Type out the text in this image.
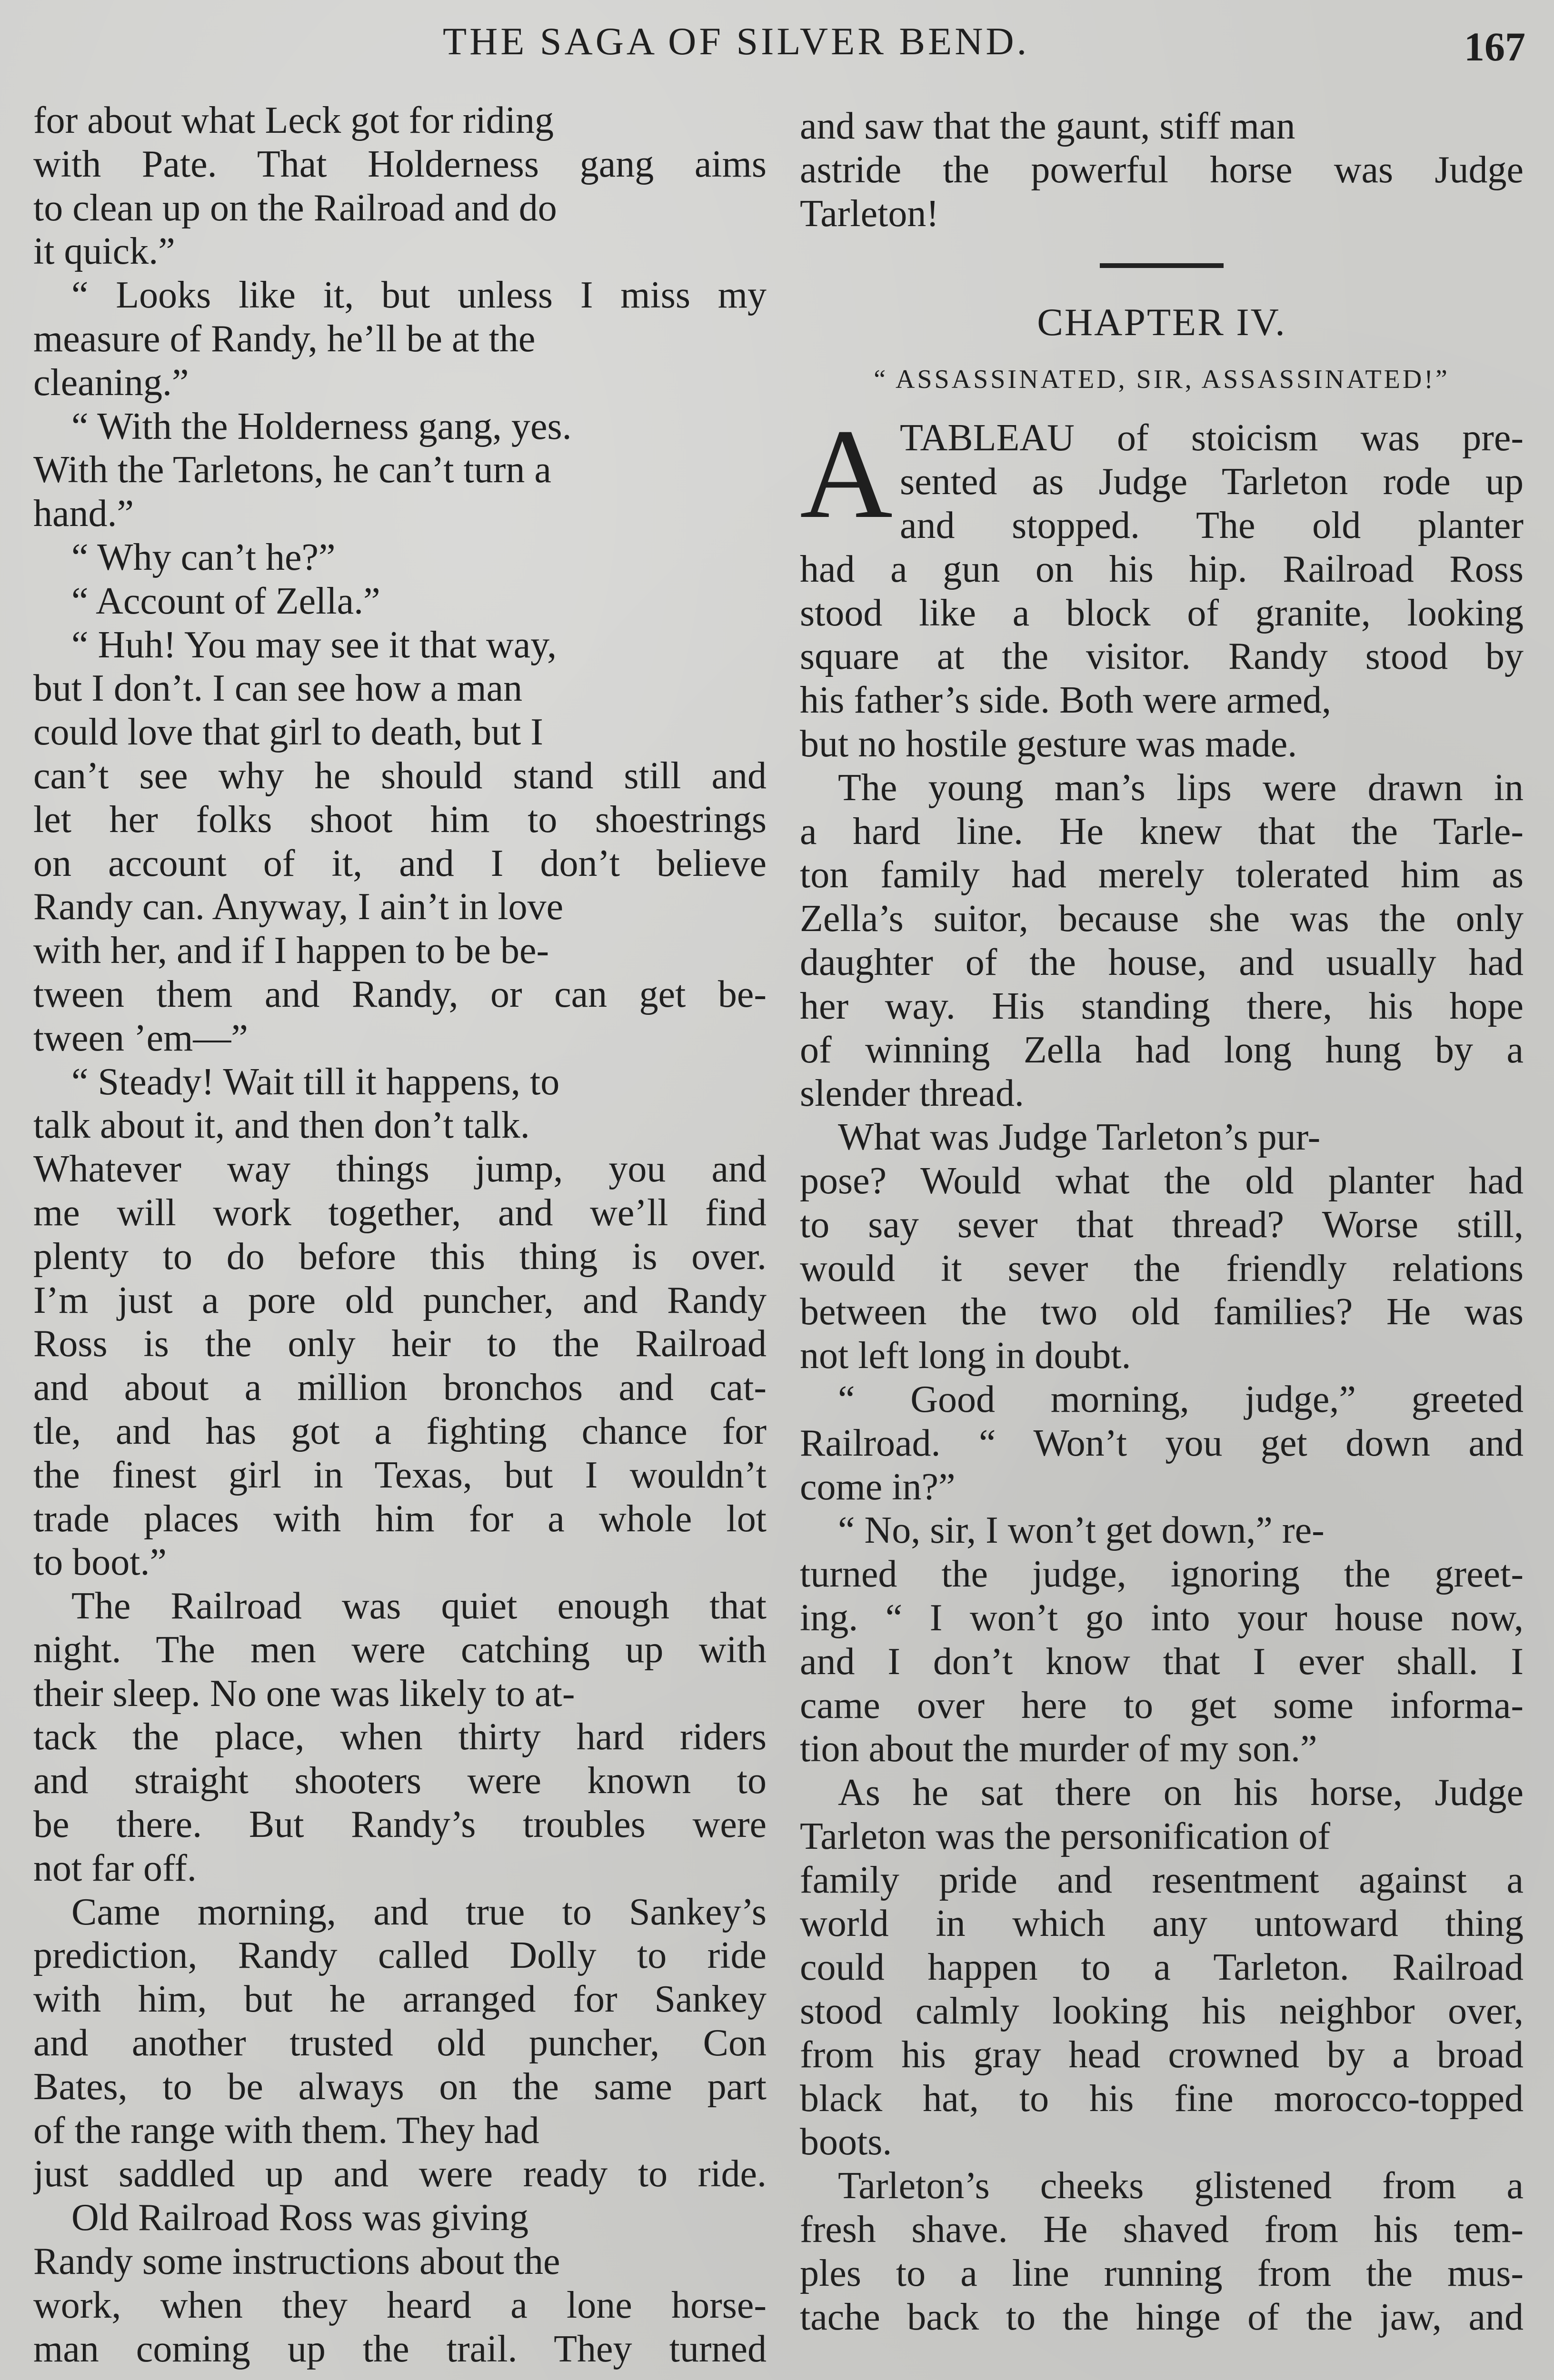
THE SAGA OF SILVER BEND.	167
for about what Leck got for riding
with Pate. That Holderness gang aims
to clean up on the Railroad and do
it quick.”
“ Looks like it, but unless I miss my
measure of Randy, he’ll be at the
cleaning.”
“ With the Holderness gang, yes.
With the Tarletons, he can’t turn a
hand.”
“ Why can’t he?”
“ Account of Zella.”
“ Huh! You may see it that way,
but I don’t. I can see how a man
could love that girl to death, but I
can’t see why he should stand still and
let her folks shoot him to shoestrings
on account of it, and I don’t believe
Randy can. Anyway, I ain’t in love
with her, and if I happen to be be-
tween them and Randy, or can get be-
tween ’em—”
“ Steady! Wait till it happens, to
talk about it, and then don’t talk.
Whatever way things jump, you and
me will work together, and we’ll find
plenty to do before this thing is over.
I’m just a pore old puncher, and Randy
Ross is the only heir to the Railroad
and about a million bronchos and cat-
tle, and has got a fighting chance for
the finest girl in Texas, but I wouldn’t
trade places with him for a whole lot
to boot.”
The Railroad was quiet enough that
night. The men were catching up with
their sleep. No one was likely to at-
tack the place, when thirty hard riders
and straight shooters were known to
be there. But Randy’s troubles were
not far off.
Came morning, and true to Sankey’s
prediction, Randy called Dolly to ride
with him, but he arranged for Sankey
and another trusted old puncher, Con
Bates, to be always on the same part
of the range with them. They had
just saddled up and were ready to ride.
Old Railroad Ross was giving
Randy some instructions about the
work, when they heard a lone horse-
man coming up the trail. They turned
and saw that the gaunt, stiff man
astride the powerful horse was Judge
Tarleton!
CHAPTER IV.
“ ASSASSINATED, SIR, ASSASSINATED!”
A TABLEAU of stoicism was pre-
sented as Judge Tarleton rode up
and stopped. The old planter
had a gun on his hip. Railroad Ross
stood like a block of granite, looking
square at the visitor. Randy stood by
his father’s side. Both were armed,
but no hostile gesture was made.
The young man’s lips were drawn in
a hard line. He knew that the Tarle-
ton family had merely tolerated him as
Zella’s suitor, because she was the only
daughter of the house, and usually had
her way. His standing there, his hope
of winning Zella had long hung by a
slender thread.
What was Judge Tarleton’s pur-
pose? Would what the old planter had
to say sever that thread? Worse still,
would it sever the friendly relations
between the two old families? He was
not left long in doubt.
“ Good morning, judge,” greeted
Railroad. “ Won’t you get down and
come in?”
“ No, sir, I won’t get down,” re-
turned the judge, ignoring the greet-
ing. “ I won’t go into your house now,
and I don’t know that I ever shall. I
came over here to get some informa-
tion about the murder of my son.”
As he sat there on his horse, Judge
Tarleton was the personification of
family pride and resentment against a
world in which any untoward thing
could happen to a Tarleton. Railroad
stood calmly looking his neighbor over,
from his gray head crowned by a broad
black hat, to his fine morocco-topped
boots.
Tarleton’s cheeks glistened from a
fresh shave. He shaved from his tem-
ples to a line running from the mus-
tache back to the hinge of the jaw, and
